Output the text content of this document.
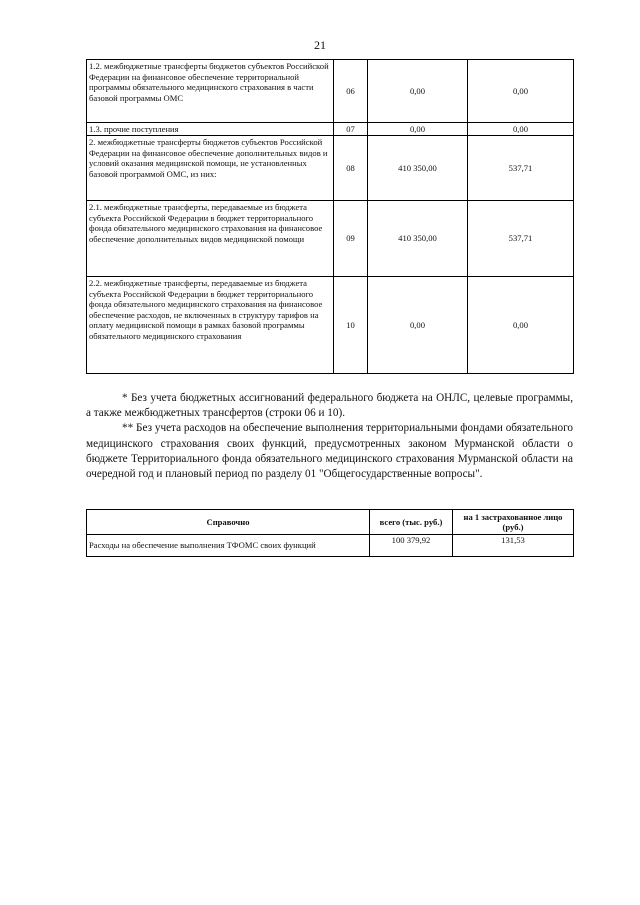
21
1.2. межбюджетные трансферты бюджетов субъектов Российской Федерации на финансовое обеспечение территориальной программы обязательного медицинского страхования в части базовой программы ОМС	06	0,00	0,00
1.3. прочие поступления	07	0,00	0,00
2. межбюджетные трансферты бюджетов субъектов Российской Федерации на финансовое обеспечение дополнительных видов и условий оказания медицинской помощи, не установленных базовой программой ОМС, из них:	08	410 350,00	537,71
2.1. межбюджетные трансферты, передаваемые из бюджета субъекта Российской Федерации в бюджет территориального фонда обязательного медицинского страхования на финансовое обеспечение дополнительных видов медицинской помощи	09	410 350,00	537,71
2.2. межбюджетные трансферты, передаваемые из бюджета субъекта Российской Федерации в бюджет территориального фонда обязательного медицинского страхования на финансовое обеспечение расходов, не включенных в структуру тарифов на оплату медицинской помощи в рамках базовой программы обязательного медицинского страхования	10	0,00	0,00

* Без учета бюджетных ассигнований федерального бюджета на ОНЛС, целевые программы, а также межбюджетных трансфертов (строки 06 и 10).

** Без учета расходов на обеспечение выполнения территориальными фондами обязательного медицинского страхования своих функций, предусмотренных законом Мурманской области о бюджете Территориального фонда обязательного медицинского страхования Мурманской области на очередной год и плановый период по разделу 01 "Общегосударственные вопросы".

Справочно	всего (тыс. руб.)	на 1 застрахованное лицо (руб.)
Расходы на обеспечение выполнения ТФОМС своих функций	100 379,92	131,53
